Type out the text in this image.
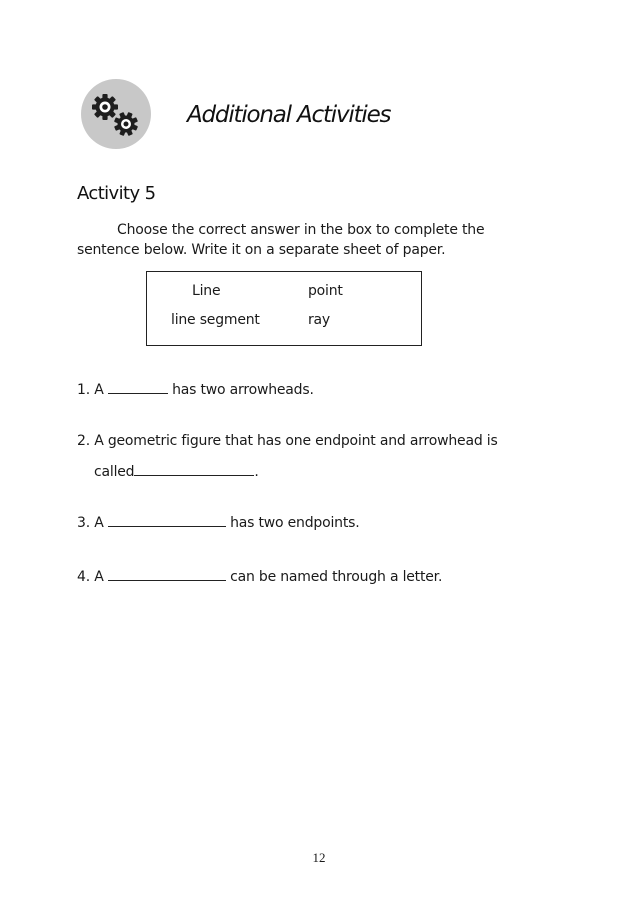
Additional Activities
Activity 5

Choose the correct answer in the box to complete the sentence below. Write it on a separate sheet of paper.

Line	point
line segment	ray

1. A	has two arrowheads.

2. A geometric figure that has one endpoint and arrowhead is

called	.

3. A	has two endpoints.

4. A	can be named through a letter.

12
